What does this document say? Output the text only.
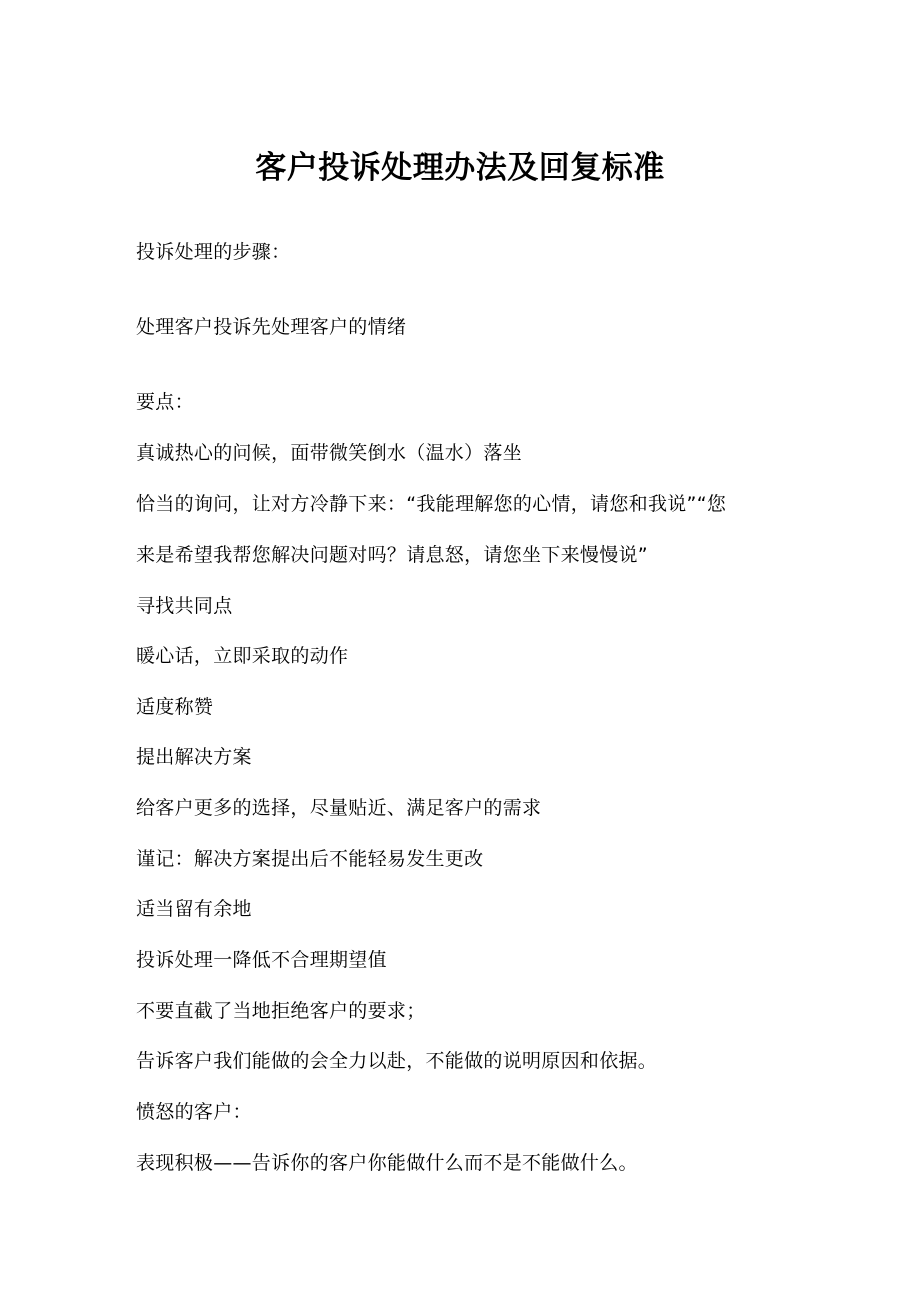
客户投诉处理办法及回复标准
投诉处理的步骤：
处理客户投诉先处理客户的情绪
要点：
真诚热心的问候，面带微笑倒水（温水）落坐
恰当的询问，让对方冷静下来：“我能理解您的心情，请您和我说”“您
来是希望我帮您解决问题对吗？请息怒，请您坐下来慢慢说”
寻找共同点
暖心话，立即采取的动作
适度称赞
提出解决方案
给客户更多的选择，尽量贴近、满足客户的需求
谨记：解决方案提出后不能轻易发生更改
适当留有余地
投诉处理一降低不合理期望值
不要直截了当地拒绝客户的要求；
告诉客户我们能做的会全力以赴，不能做的说明原因和依据。
愤怒的客户：
表现积极——告诉你的客户你能做什么而不是不能做什么。
